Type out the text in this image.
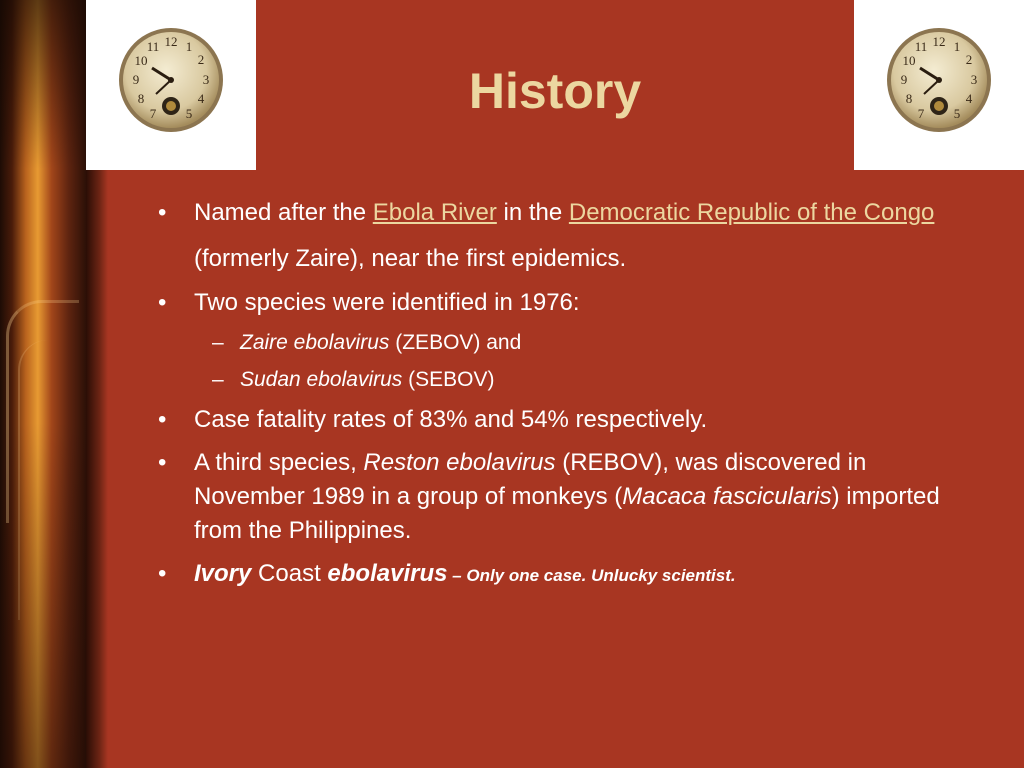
12 1
2
3
4
5
7
8
9
10
11	12 1
2
3
4
5
7
8
9
10
11
History
• Named after the Ebola River in the Democratic Republic of the Congo (formerly Zaire), near the first epidemics.
• Two species were identified in 1976:
– Zaire ebolavirus (ZEBOV) and
– Sudan ebolavirus (SEBOV)
• Case fatality rates of 83% and 54% respectively.
• A third species, Reston ebolavirus (REBOV), was discovered in November 1989 in a group of monkeys (Macaca fascicularis) imported from the Philippines.
• Ivory Coast ebolavirus – Only one case. Unlucky scientist.
